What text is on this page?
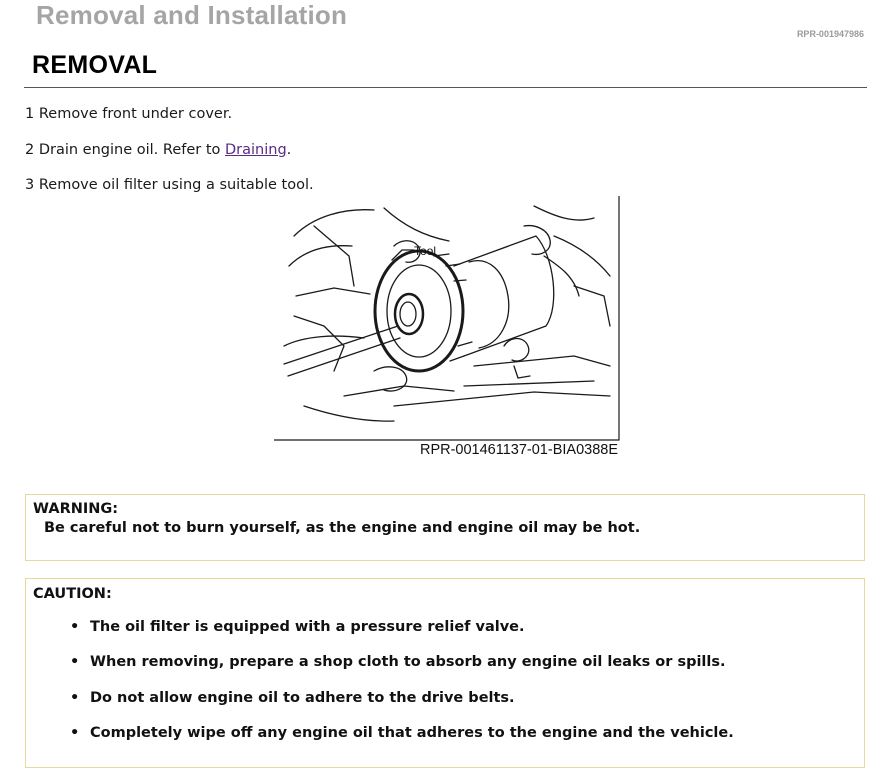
Removal and Installation
RPR-001947986
REMOVAL
1 Remove front under cover.
2 Drain engine oil. Refer to Draining.
3 Remove oil filter using a suitable tool.
Tool
RPR-001461137-01-BIA0388E
WARNING:
Be careful not to burn yourself, as the engine and engine oil may be hot.
CAUTION:
• The oil filter is equipped with a pressure relief valve.
• When removing, prepare a shop cloth to absorb any engine oil leaks or spills.
• Do not allow engine oil to adhere to the drive belts.
• Completely wipe off any engine oil that adheres to the engine and the vehicle.
